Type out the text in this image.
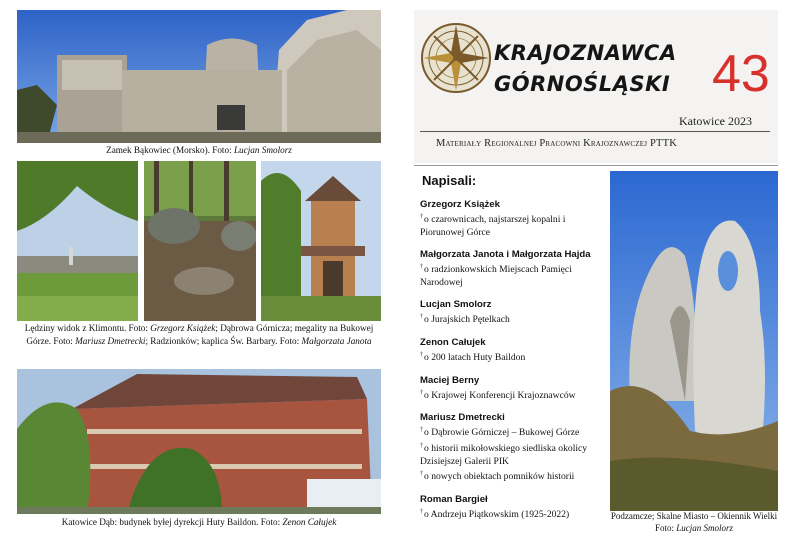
Zamek Bąkowiec (Morsko). Foto: Lucjan Smolorz
Lędziny widok z Klimontu. Foto: Grzegorz Książek; Dąbrowa Górnicza; megality na Bukowej
Górze. Foto: Mariusz Dmetrecki; Radzionków; kaplica Św. Barbary. Foto: Małgorzata Janota
Katowice Dąb: budynek byłej dyrekcji Huty Baildon. Foto: Zenon Całujek
KRAJOZNAWCA
GÓRNOŚLĄSKI 43
Katowice 2023
Materiały Regionalnej Pracowni Krajoznawczej PTTK
Napisali:
Grzegorz Książek
†o czarownicach, najstarszej kopalni i Piorunowej Górce
Małgorzata Janota i Małgorzata Hajda
†o radzionkowskich Miejscach Pamięci Narodowej
Lucjan Smolorz
†o Jurajskich Pętelkach
Zenon Całujek
†o 200 latach Huty Baildon
Maciej Berny
†o Krajowej Konferencji Krajoznawców
Mariusz Dmetrecki
†o Dąbrowie Górniczej – Bukowej Górze
†o historii mikołowskiego siedliska okolicy Dzisiejszej Galerii PIK
†o nowych obiektach pomników historii
Roman Bargieł
†o Andrzeju Piątkowskim (1925-2022)	Podzamcze; Skalne Miasto – Okiennik Wielki
Foto: Lucjan Smolorz
